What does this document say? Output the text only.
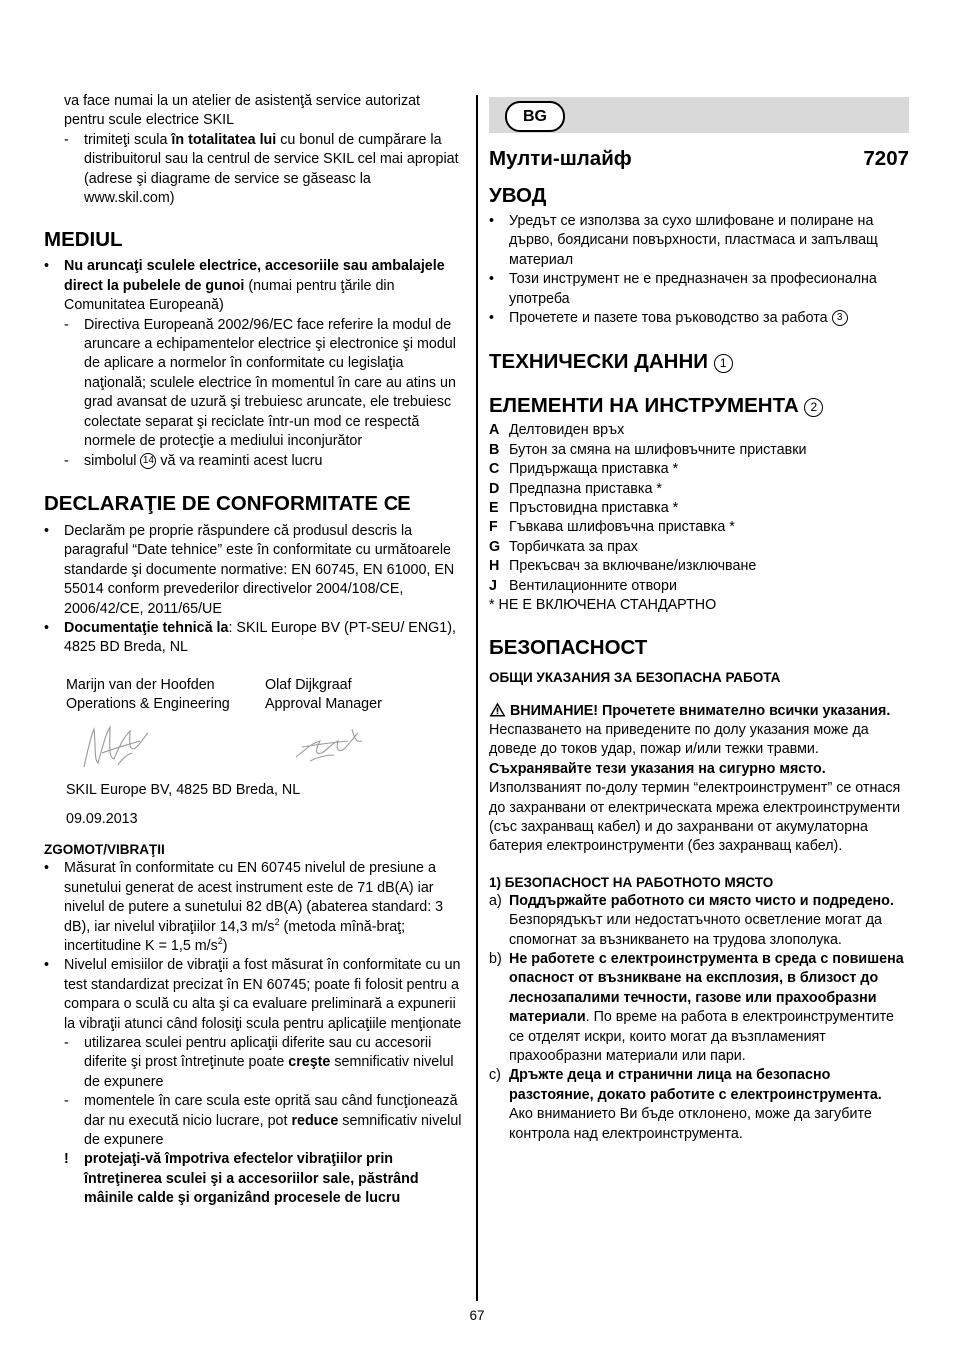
va face numai la un atelier de asistenţă service autorizat pentru scule electrice SKIL

- trimiteţi scula în totalitatea lui cu bonul de cumpărare la distribuitorul sau la centrul de service SKIL cel mai apropiat (adrese şi diagrame de service se găseasc la www.skil.com)

MEDIUL

• Nu aruncaţi sculele electrice, accesoriile sau ambalajele direct la pubelele de gunoi (numai pentru ţările din Comunitatea Europeană)

- Directiva Europeană 2002/96/EC face referire la modul de aruncare a echipamentelor electrice şi electronice şi modul de aplicare a normelor în conformitate cu legislaţia naţională; sculele electrice în momentul în care au atins un grad avansat de uzură şi trebuiesc aruncate, ele trebuiesc colectate separat şi reciclate într-un mod ce respectă normele de protecţie a mediului inconjurător

- simbolul 14 vă va reaminti acest lucru

DECLARAŢIE DE CONFORMITATE CE

• Declarăm pe proprie răspundere că produsul descris la paragraful “Date tehnice” este în conformitate cu următoarele standarde şi documente normative: EN 60745, EN 61000, EN 55014 conform prevederilor directivelor 2004/108/CE, 2006/42/CE, 2011/65/UE

• Documentaţie tehnică la: SKIL Europe BV (PT-SEU/ ENG1), 4825 BD Breda, NL

Marijn van der Hoofden

Operations & Engineering

Olaf Dijkgraaf

Approval Manager

SKIL Europe BV, 4825 BD Breda, NL

09.09.2013

ZGOMOT/VIBRAŢII

• Măsurat în conformitate cu EN 60745 nivelul de presiune a sunetului generat de acest instrument este de 71 dB(A) iar nivelul de putere a sunetului 82 dB(A) (abaterea standard: 3 dB), iar nivelul vibraţiilor 14,3 $m/s^2$ (metoda mînă-braţ; incertitudine K = 1,5 $m/s^2$)

• Nivelul emisiilor de vibraţii a fost măsurat în conformitate cu un test standardizat precizat în EN 60745; poate fi folosit pentru a compara o sculă cu alta şi ca evaluare preliminară a expunerii la vibraţii atunci când folosiţi scula pentru aplicaţiile menţionate

- utilizarea sculei pentru aplicaţii diferite sau cu accesorii diferite şi prost întreţinute poate creşte semnificativ nivelul de expunere

- momentele în care scula este oprită sau când funcţionează dar nu execută nicio lucrare, pot reduce semnificativ nivelul de expunere

! protejaţi-vă împotriva efectelor vibraţiilor prin întreţinerea sculei şi a accesoriilor sale, păstrând mâinile calde şi organizând procesele de lucru

BG
Мулти-шлайф	7207
УВОД

• Уредът се използва за сухо шлифоване и полиране на дърво, боядисани повърхности, пластмаса и запълващ материал

• Този инструмент не е предназначен за професионална употреба

• Прочетете и пазете това ръководство за работа 3

ТЕХНИЧЕСКИ ДАННИ 1
ЕЛЕМЕНТИ НА ИНСТРУМЕНТА 2

A Делтовиден връх

B Бутон за смяна на шлифовъчните приставки

C Придържаща приставка *

D Предпазна приставка *

E Пръстовидна приставка *

F Гъвкава шлифовъчна приставка *

G Торбичката за прах

H Прекъсвач за включване/изключване

J Вентилационните отвори

* НЕ Е ВКЛЮЧЕНА СТАНДАРТНО

БЕЗОПАСНОСТ
ОБЩИ УКАЗАНИЯ ЗА БЕЗОПАСНА РАБОТА

ВНИМАНИЕ! Прочетете внимателно всички указания. Неспазването на приведените по долу указания може да доведе до токов удар, пожар и/или тежки травми. Съхранявайте тези указания на сигурно място. Използваният по-долу термин “електроинструмент” се отнася до захранвани от електрическата мрежа електроинструменти (със захранващ кабел) и до захранвани от акумулаторна батерия електроинструменти (без захранващ кабел).

1) БЕЗОПАСНОСТ НА РАБОТНОТО МЯСТО

a) Поддържайте работното си място чисто и подредено. Безпорядъкът или недостатъчното осветление могат да спомогнат за възникването на трудова злополука.

b) Не работете с електроинструмента в среда с повишена опасност от възникване на експлозия, в близост до леснозапалими течности, газове или прахообразни материали. По време на работа в електроинструментите се отделят искри, които могат да възпламеният прахообразни материали или пари.

c) Дръжте деца и странични лица на безопасно разстояние, докато работите с електроинструмента. Ако вниманието Ви бъде отклонено, може да загубите контрола над електроинструмента.

67
